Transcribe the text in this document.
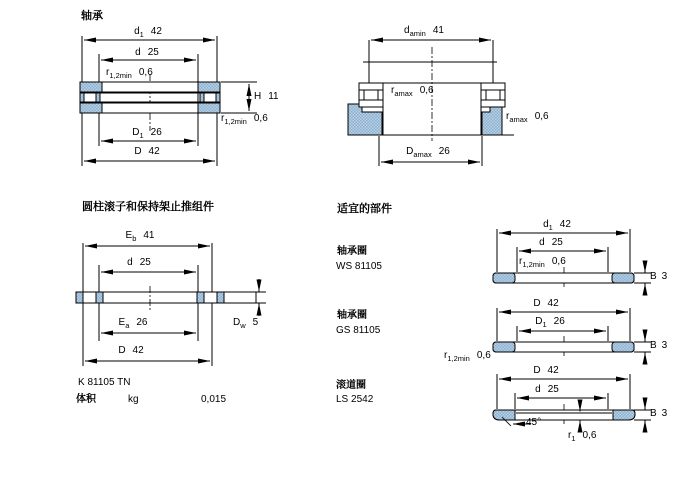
轴承
$d_1$ 42
d 25
$r_{1,2min}$ 0,6
H 11
$r_{1,2min}$ 0,6
$D_1$ 26
D 42
$d_{amin}$ 41
$r_{amax}$ 0,6
$r_{amax}$ 0,6
$D_{amax}$ 26
圆柱滚子和保持架止推组件
$E_b$ 41
d 25
$E_a$ 26
D 42
$D_w$ 5
K 81105 TN
体积	kg	0,015
适宜的部件
轴承圈
WS 81105
轴承圈
GS 81105
滚道圈
LS 2542
$d_1$ 42
d 25
$r_{1,2min}$ 0,6
B 3
D 42
$D_1$ 26
$r_{1,2min}$ 0,6
B 3
D 42
d 25
45°
$r_1$ 0,6
B 3
